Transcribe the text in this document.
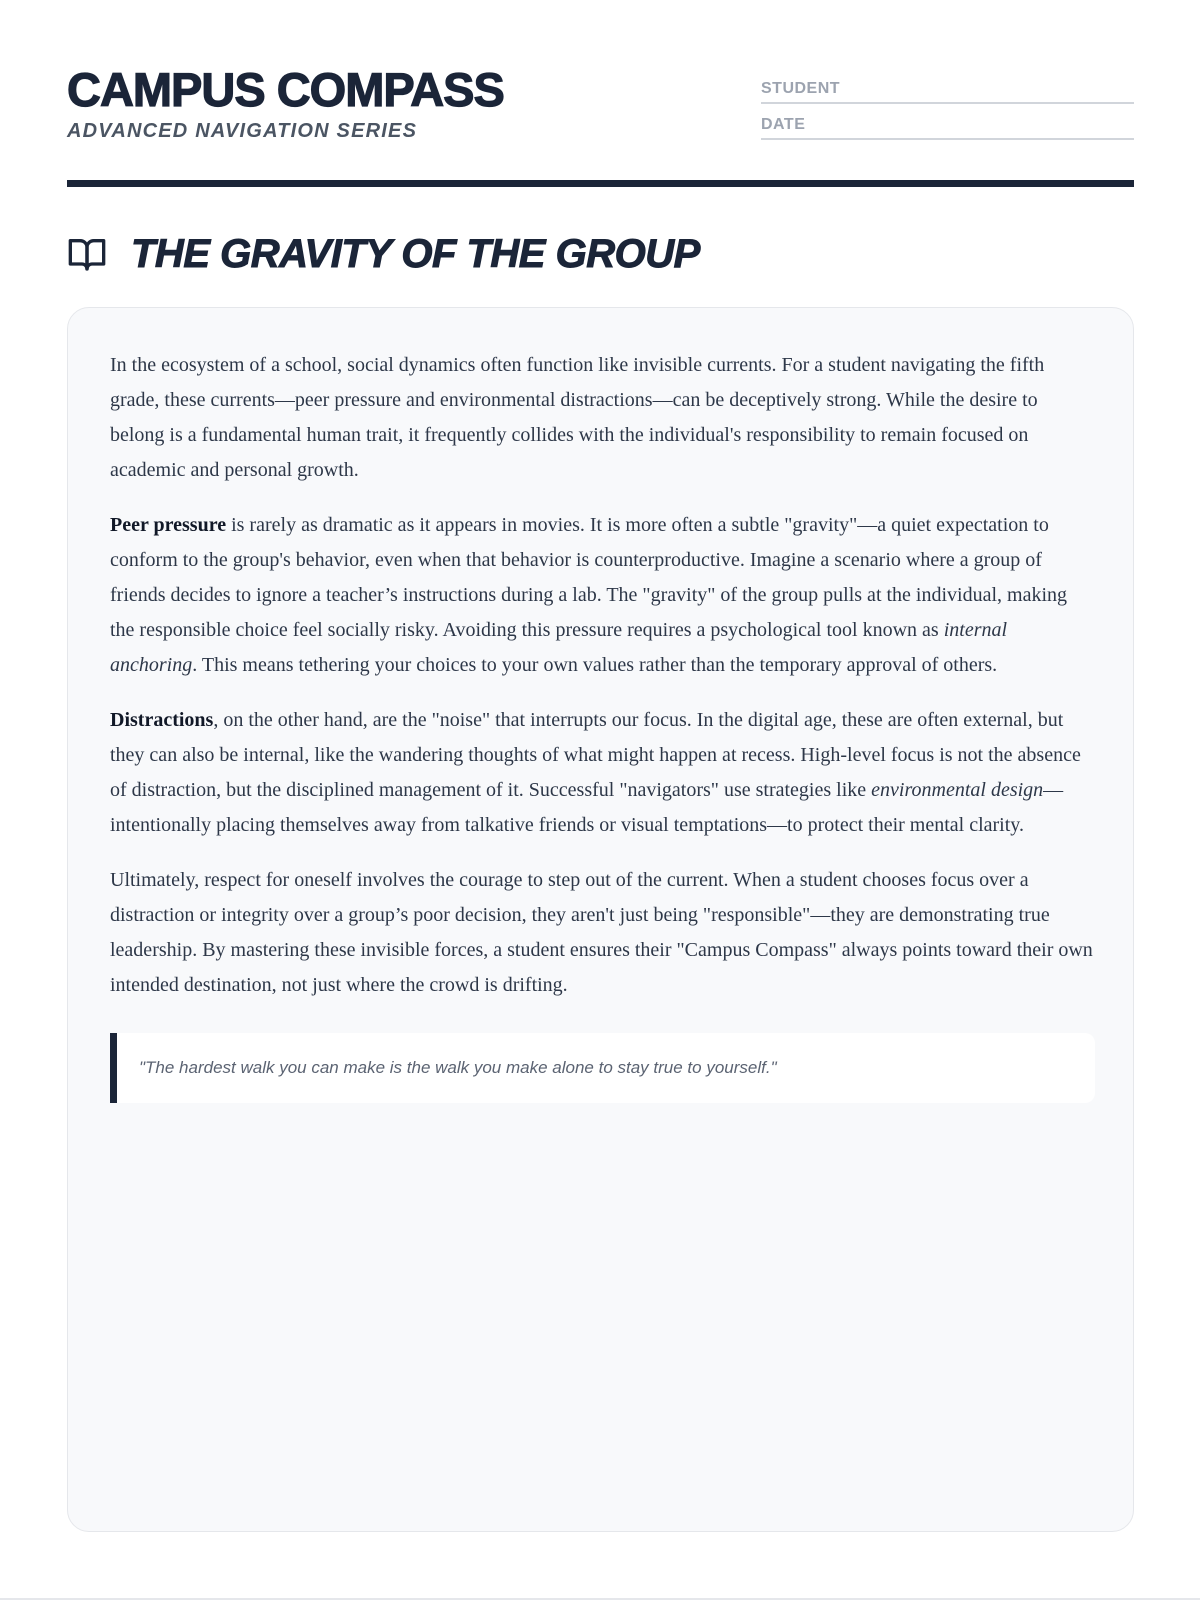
CAMPUS COMPASS
ADVANCED NAVIGATION SERIES
STUDENT
DATE
THE GRAVITY OF THE GROUP

In the ecosystem of a school, social dynamics often function like invisible currents. For a student navigating the fifth grade, these currents—peer pressure and environmental distractions—can be deceptively strong. While the desire to belong is a fundamental human trait, it frequently collides with the individual's responsibility to remain focused on academic and personal growth.

Peer pressure is rarely as dramatic as it appears in movies. It is more often a subtle "gravity"—a quiet expectation to conform to the group's behavior, even when that behavior is counterproductive. Imagine a scenario where a group of friends decides to ignore a teacher’s instructions during a lab. The "gravity" of the group pulls at the individual, making the responsible choice feel socially risky. Avoiding this pressure requires a psychological tool known as internal anchoring. This means tethering your choices to your own values rather than the temporary approval of others.

Distractions, on the other hand, are the "noise" that interrupts our focus. In the digital age, these are often external, but they can also be internal, like the wandering thoughts of what might happen at recess. High-level focus is not the absence of distraction, but the disciplined management of it. Successful "navigators" use strategies like environmental design—intentionally placing themselves away from talkative friends or visual temptations—to protect their mental clarity.

Ultimately, respect for oneself involves the courage to step out of the current. When a student chooses focus over a distraction or integrity over a group’s poor decision, they aren't just being "responsible"—they are demonstrating true leadership. By mastering these invisible forces, a student ensures their "Campus Compass" always points toward their own intended destination, not just where the crowd is drifting.

"The hardest walk you can make is the walk you make alone to stay true to yourself."
